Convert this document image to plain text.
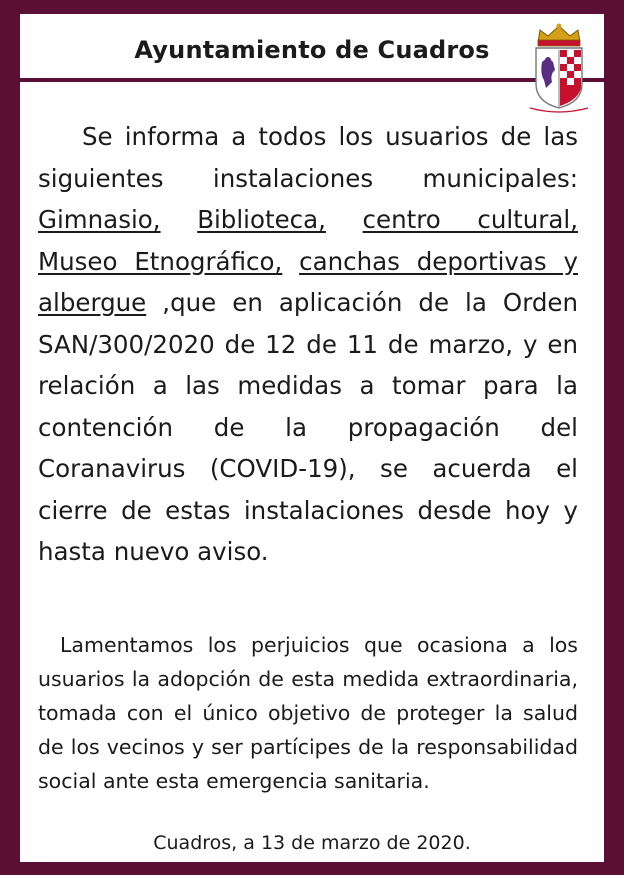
Ayuntamiento de Cuadros
Se informa a todos los usuarios de las siguientes instalaciones municipales: Gimnasio, Biblioteca, centro cultural, Museo Etnográfico, canchas deportivas y albergue ,que en aplicación de la Orden SAN/300/2020 de 12 de 11 de marzo, y en relación a las medidas a tomar para la contención de la propagación del Coranavirus (COVID-19), se acuerda el cierre de estas instalaciones desde hoy y hasta nuevo aviso.
Lamentamos los perjuicios que ocasiona a los usuarios la adopción de esta medida extraordinaria, tomada con el único objetivo de proteger la salud de los vecinos y ser partícipes de la responsabilidad social ante esta emergencia sanitaria.
Cuadros, a 13 de marzo de 2020.
